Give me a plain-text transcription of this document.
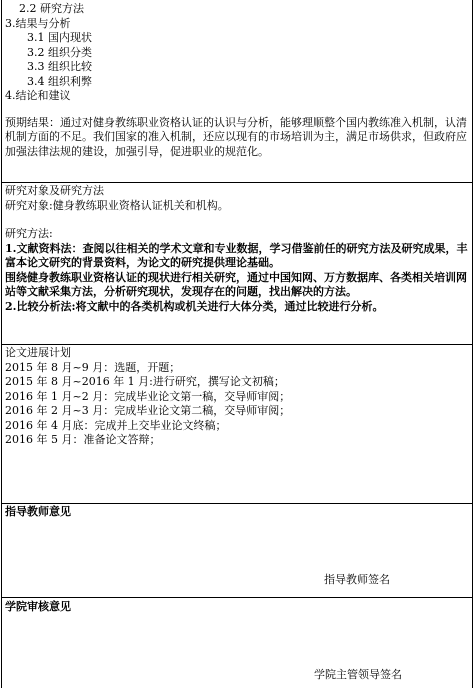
2.2 研究方法
3.结果与分析
3.1 国内现状
3.2 组织分类
3.3 组织比较
3.4 组织利弊
4.结论和建议

预期结果：通过对健身教练职业资格认证的认识与分析，能够理顺整个国内教练准入机制，认清机制方面的不足。我们国家的准入机制，还应以现有的市场培训为主，满足市场供求，但政府应加强法律法规的建设，加强引导，促进职业的规范化。

研究对象及研究方法
研究对象:健身教练职业资格认证机关和机构。
研究方法:

1.文献资料法：查阅以往相关的学术文章和专业数据，学习借鉴前任的研究方法及研究成果，丰富本论文研究的背景资料，为论文的研究提供理论基础。

围绕健身教练职业资格认证的现状进行相关研究，通过中国知网、万方数据库、各类相关培训网站等文献采集方法，分析研究现状，发现存在的问题，找出解决的方法。

2.比较分析法:将文献中的各类机构或机关进行大体分类，通过比较进行分析。

论文进展计划
2015 年 8 月~9 月：选题，开题；
2015 年 8 月~2016 年 1 月:进行研究，撰写论文初稿；
2016 年 1 月~2 月：完成毕业论文第一稿，交导师审阅；
2016 年 2 月~3 月：完成毕业论文第二稿，交导师审阅；
2016 年 4 月底：完成并上交毕业论文终稿；
2016 年 5 月：准备论文答辩；
指导教师意见
指导教师签名
学院审核意见
学院主管领导签名
